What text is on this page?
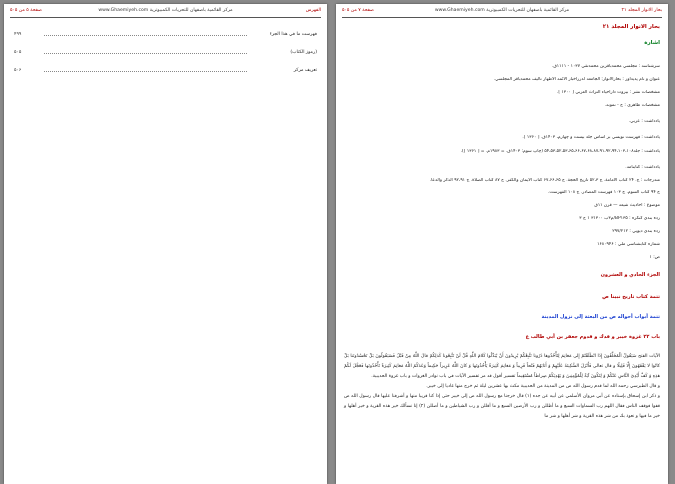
صفحة ۵ من ۵۰۵	www.Ghaemiyeh.com مركز القائمية باصفهان للتحريات الكمبيوترية	الفهرس
فهرست ما في هذا الجزء
۴۹۹
(رموز الكتاب)
۵۰۵
تعريف مركز
۵۰۶
صفحة ۷ من ۵۰۵	www.Ghaemiyeh.com مركز القائمية باصفهان للتحريات الكمبيوترية	بحار الانوار المجلد ۲۱
بحار الانوار المجلد ۲۱
اشارة
سرشناسه : مجلسي محمدباقربن محمدتقي ۱۰۳۷ - ۱۱۱۱ق.
عنوان و نام پديدآور : بحارالانوار: الجامعه لدرراخبار الائمه الاطهار تاليف محمدباقر المجلسي.
مشخصات نشر : بيروت داراحياء التراث العربي [ ۱۳۰۰ ].
مشخصات ظاهري : ج - نمونه.
يادداشت : عربي.
يادداشت : فهرست نويسي بر اساس جلد بيست و چهارم، ۱۴۰۳ق. [ ۱۳۶۰ ].
يادداشت : جلد۵۴،۵۳،۵۲،۵۳،۶۵،۶۶،۶۷،۶۸،۸۷،۹۱،۹۲،۹۴،۱۰۳،۱۰۸ (چاپ سوم: ۱۴۰۳ق. = ۱۹۸۳م. = [ ۱۳۶۱ ]).
يادداشت : كتابنامه.
مندرجات : ج. ۲۴ كتاب الامامة. ج ۵۲،۳ تاريخ الحجة. ج ۶۷،۶۶،۶۵ كتاب الايمان والكفر. ج ۸۷ كتاب الصلاة. ج ۹۲،۹۱ الذكر والدعا.
ج ۹۴ كتاب السوم. ج ۱۰۳ فهرست المصادر. ج ۱۰۸ الفهرست.
موضوع : احاديث شيعه — قرن ۱۱ق
رده بندي كنگره : BP۱۳۵/م۳ب ۳۱۳۰۰ ۱ ج ۳
رده بندي ديويي : ۲۹۷/۲۱۲
شماره كتابشناسي ملي : ۱۶۸۰۹۴۶
ص: ۱
الجزء الحادي و العشرون
تتمة كتاب تاريخ نبينا ص
تتمة أبواب أحواله ص من البعثة إلى نزول المدينة
باب ۲۲ غزوة خيبر و فدك و قدوم جعفر بن أبي طالب ع

الآيات الفتح سَيَقُولُ الْمُخَلَّفُونَ إِذَا انْطَلَقْتُمْ إِلى مَغانِمَ لِتَأْخُذُوها ذَرُونا نَتَّبِعْكُمْ يُرِيدُونَ أَنْ يُبَدِّلُوا كَلامَ اللَّهِ قُلْ لَنْ تَتَّبِعُونا كَذلِكُمْ قالَ اللَّهُ مِنْ قَبْلُ فَسَيَقُولُونَ بَلْ تَحْسُدُونَنا بَلْ كانُوا لا يَفْقَهُونَ إِلَّا قَلِيلًا و قال تعالى فَأَنْزَلَ السَّكِينَةَ عَلَيْهِمْ وَ أَثابَهُمْ فَتْحاً قَرِيباً وَ مَغانِمَ كَثِيرَةً يَأْخُذُونَها وَ كانَ اللَّهُ عَزِيزاً حَكِيماً وَعَدَكُمُ اللَّهُ مَغانِمَ كَثِيرَةً تَأْخُذُونَها فَعَجَّلَ لَكُمْ هذِهِ وَ كَفَّ أَيْدِيَ النَّاسِ عَنْكُمْ وَ لِتَكُونَ آيَةً لِلْمُؤْمِنِينَ وَ يَهْدِيَكُمْ صِراطاً مُسْتَقِيماً تفسير أقول قد مر تفسير الآيات في باب نوادر الغزوات و باب غزوة الحديبية.

و قال الطبرسي رحمه الله لما قدم رسول الله ص من المدينة من الحديبية مكث بها عشرين ليلة ثم خرج منها غاديا إلى خيبر.

و ذكر ابن إسحاق بإسناده عن أبي مروان الأسلمي عن أبيه عن جده (۱) قال خرجنا مع رسول الله ص إلى خيبر حتى إذا كنا قريبا منها و أشرفنا عليها قال رسول الله ص قفوا فوقف الناس فقال اللهم رب السماوات السبع و ما أظللن و رب الأرضين السبع و ما أقللن و رب الشياطين و ما أضللن (۲) إنا نسألك خير هذه القرية و خير أهلها و خير ما فيها و نعوذ بك من شر هذه القرية و شر أهلها و شر ما
